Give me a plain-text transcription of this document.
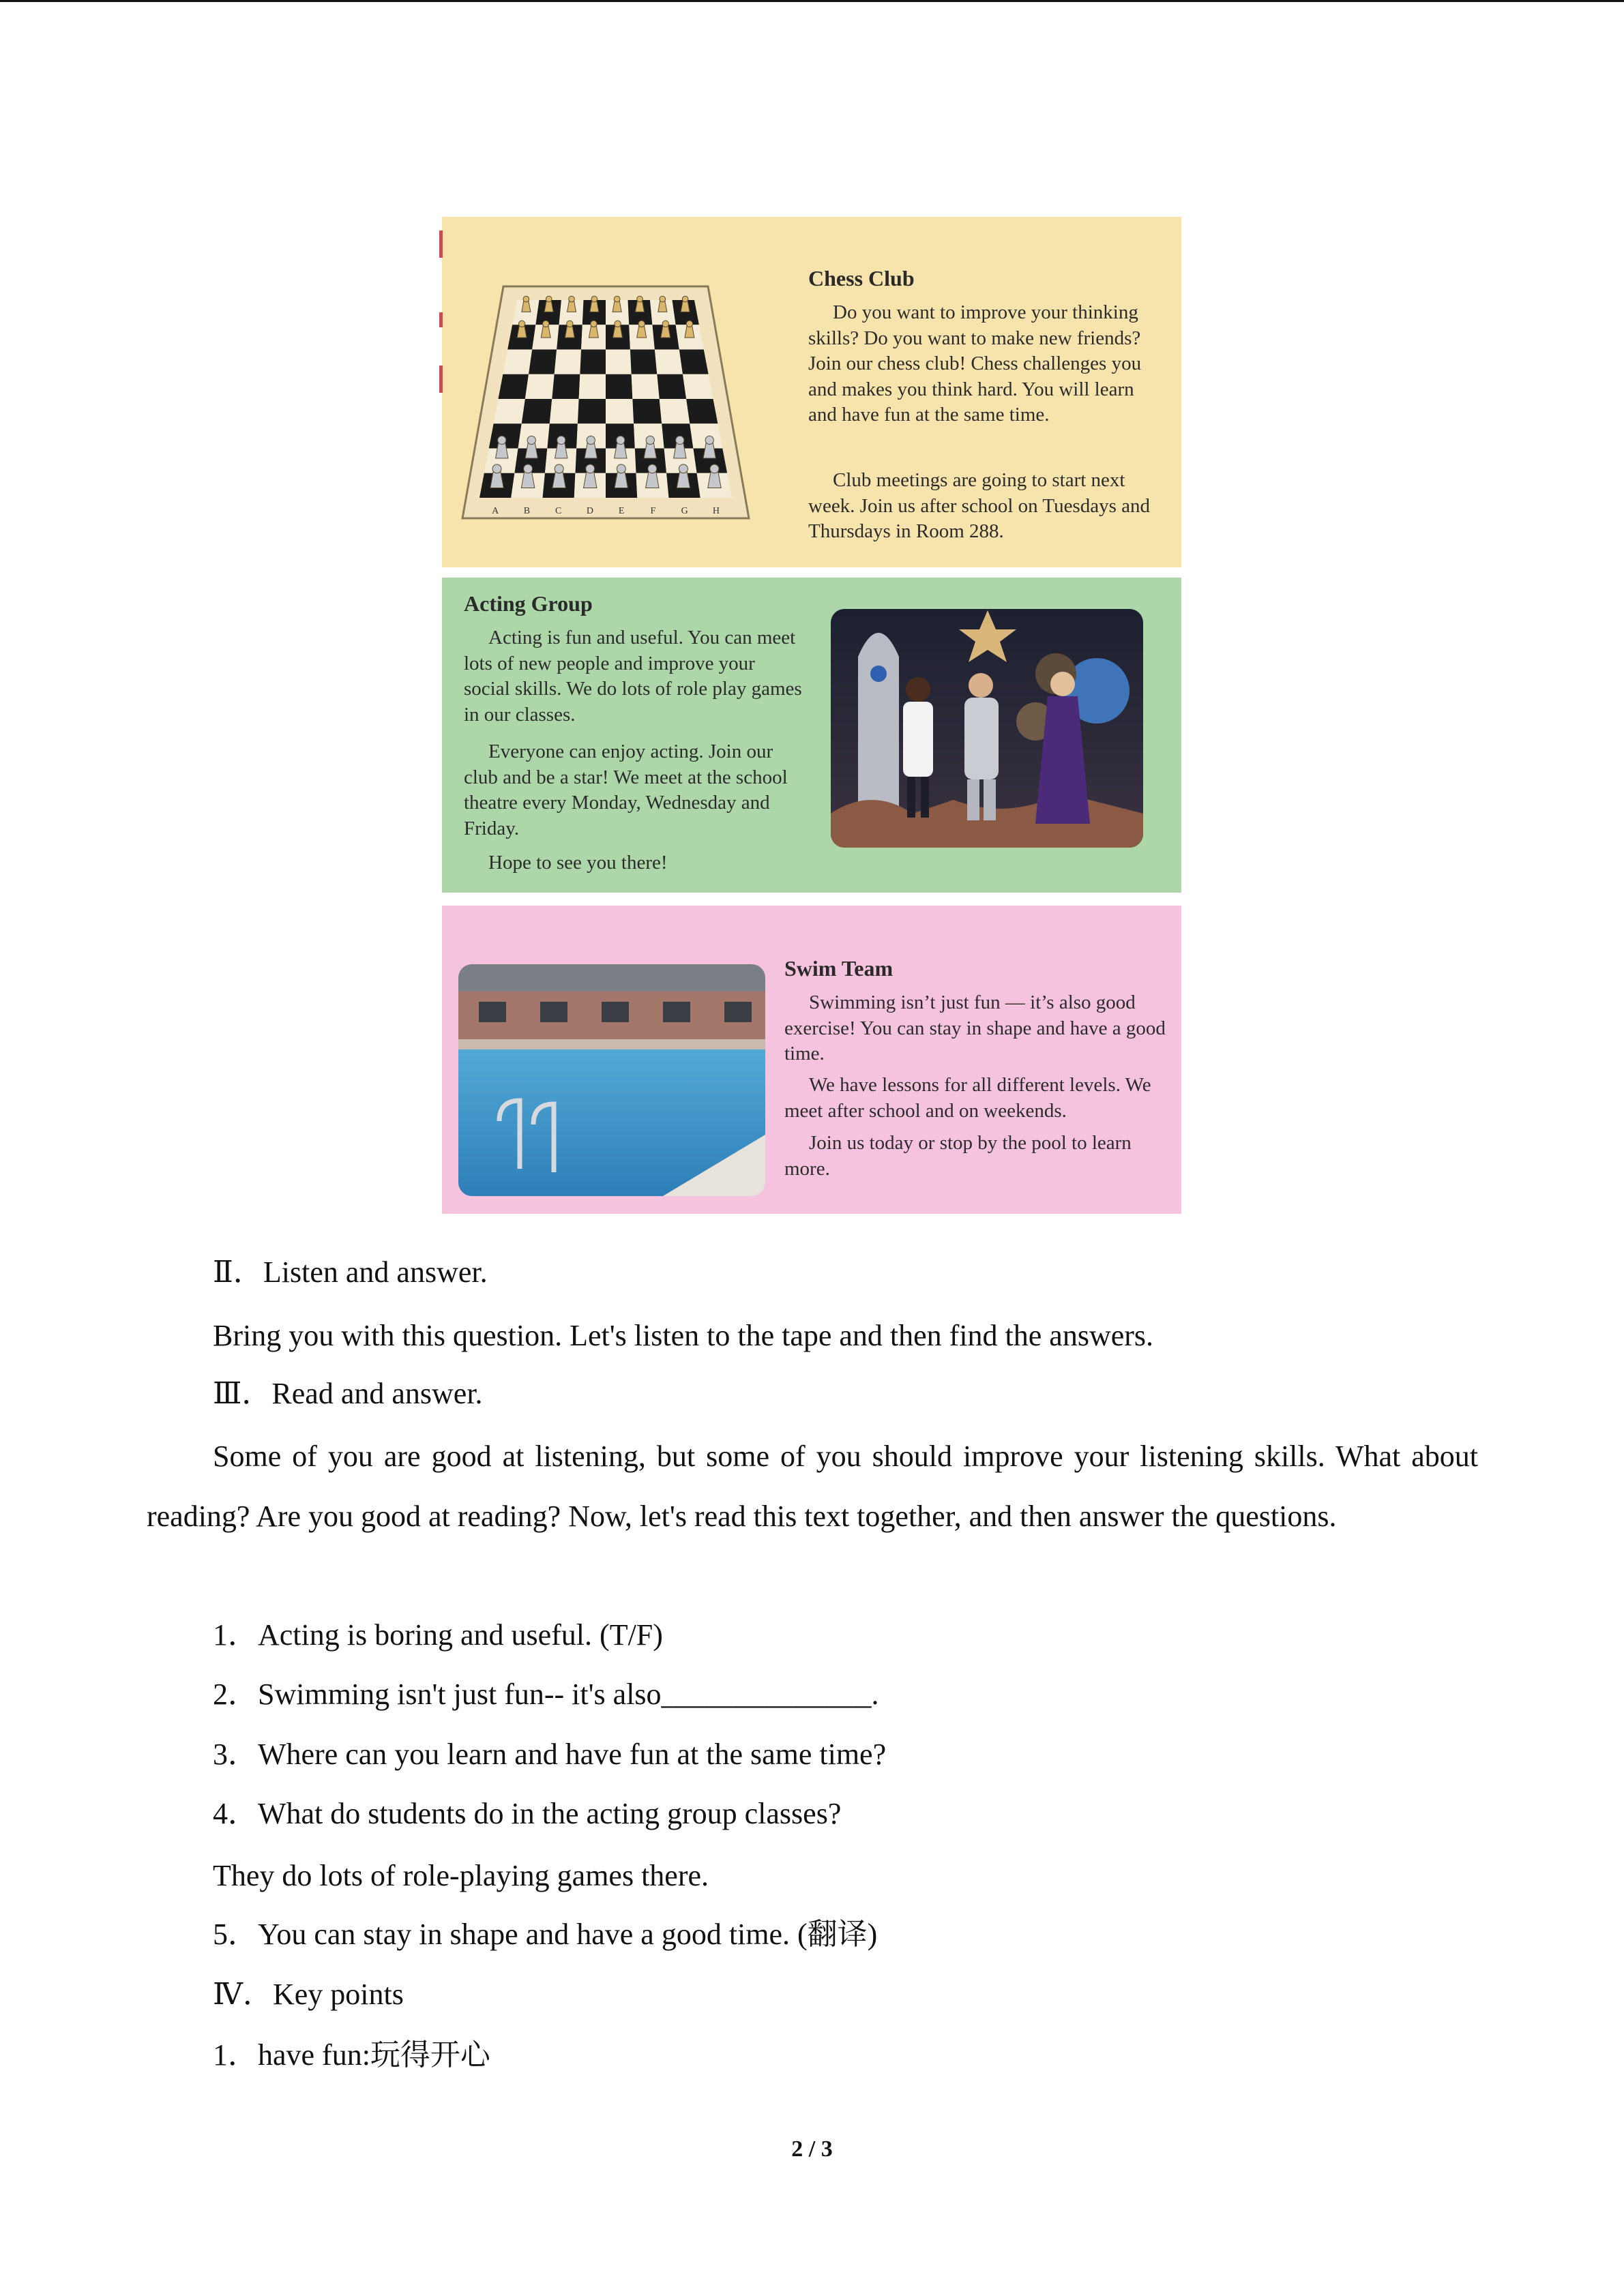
A	B	C	D	E	F	G	H
Chess Club

Do you want to improve your thinking skills? Do you want to make new friends? Join our chess club! Chess challenges you and makes you think hard. You will learn and have fun at the same time.

Club meetings are going to start next week. Join us after school on Tuesdays and Thursdays in Room 288.

Acting Group

Acting is fun and useful. You can meet lots of new people and improve your social skills. We do lots of role play games in our classes.

Everyone can enjoy acting. Join our club and be a star! We meet at the school theatre every Monday, Wednesday and Friday.

Hope to see you there!

Swim Team

Swimming isn’t just fun — it’s also good exercise! You can stay in shape and have a good time.

We have lessons for all different levels. We meet after school and on weekends.

Join us today or stop by the pool to learn more.

Ⅱ．Listen and answer.
Bring you with this question. Let's listen to the tape and then find the answers.
Ⅲ．Read and answer.

Some of you are good at listening, but some of you should improve your listening skills. What about reading? Are you good at reading? Now, let's read this text together, and then answer the questions.

1．Acting is boring and useful. (T/F)
2．Swimming isn't just fun-- it's also______________.
3．Where can you learn and have fun at the same time?
4．What do students do in the acting group classes?
They do lots of role-playing games there.
5．You can stay in shape and have a good time. (翻译)
Ⅳ．Key points
1．have fun:玩得开心
2 / 3
